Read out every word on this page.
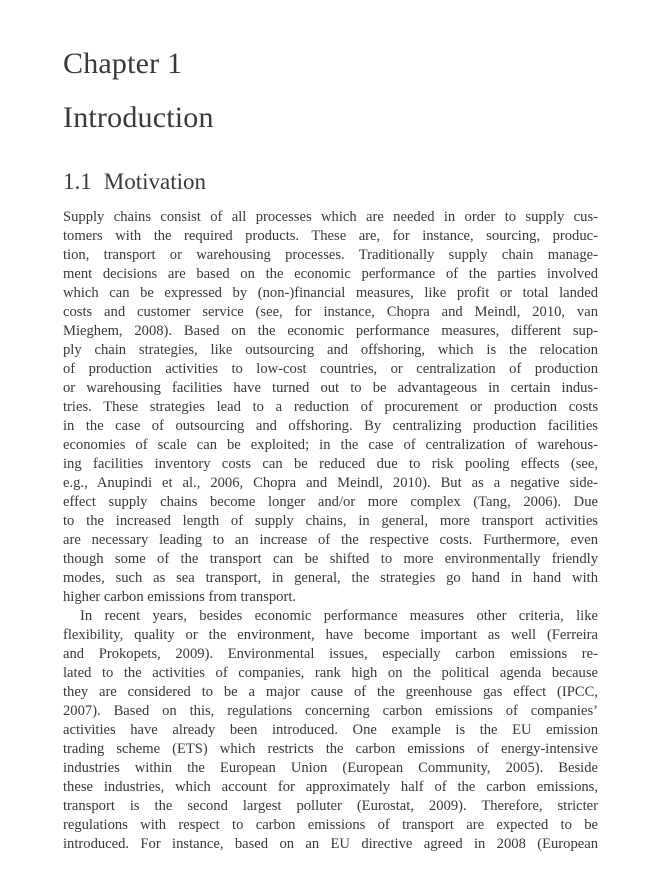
Chapter 1
Introduction
1.1 Motivation
Supply chains consist of all processes which are needed in order to supply cus-
tomers with the required products. These are, for instance, sourcing, produc-
tion, transport or warehousing processes. Traditionally supply chain manage-
ment decisions are based on the economic performance of the parties involved
which can be expressed by (non-)financial measures, like profit or total landed
costs and customer service (see, for instance, Chopra and Meindl, 2010, van
Mieghem, 2008). Based on the economic performance measures, different sup-
ply chain strategies, like outsourcing and offshoring, which is the relocation
of production activities to low-cost countries, or centralization of production
or warehousing facilities have turned out to be advantageous in certain indus-
tries. These strategies lead to a reduction of procurement or production costs
in the case of outsourcing and offshoring. By centralizing production facilities
economies of scale can be exploited; in the case of centralization of warehous-
ing facilities inventory costs can be reduced due to risk pooling effects (see,
e.g., Anupindi et al., 2006, Chopra and Meindl, 2010). But as a negative side-
effect supply chains become longer and/or more complex (Tang, 2006). Due
to the increased length of supply chains, in general, more transport activities
are necessary leading to an increase of the respective costs. Furthermore, even
though some of the transport can be shifted to more environmentally friendly
modes, such as sea transport, in general, the strategies go hand in hand with
higher carbon emissions from transport.
In recent years, besides economic performance measures other criteria, like
flexibility, quality or the environment, have become important as well (Ferreira
and Prokopets, 2009). Environmental issues, especially carbon emissions re-
lated to the activities of companies, rank high on the political agenda because
they are considered to be a major cause of the greenhouse gas effect (IPCC,
2007). Based on this, regulations concerning carbon emissions of companies’
activities have already been introduced. One example is the EU emission
trading scheme (ETS) which restricts the carbon emissions of energy-intensive
industries within the European Union (European Community, 2005). Beside
these industries, which account for approximately half of the carbon emissions,
transport is the second largest polluter (Eurostat, 2009). Therefore, stricter
regulations with respect to carbon emissions of transport are expected to be
introduced. For instance, based on an EU directive agreed in 2008 (European
